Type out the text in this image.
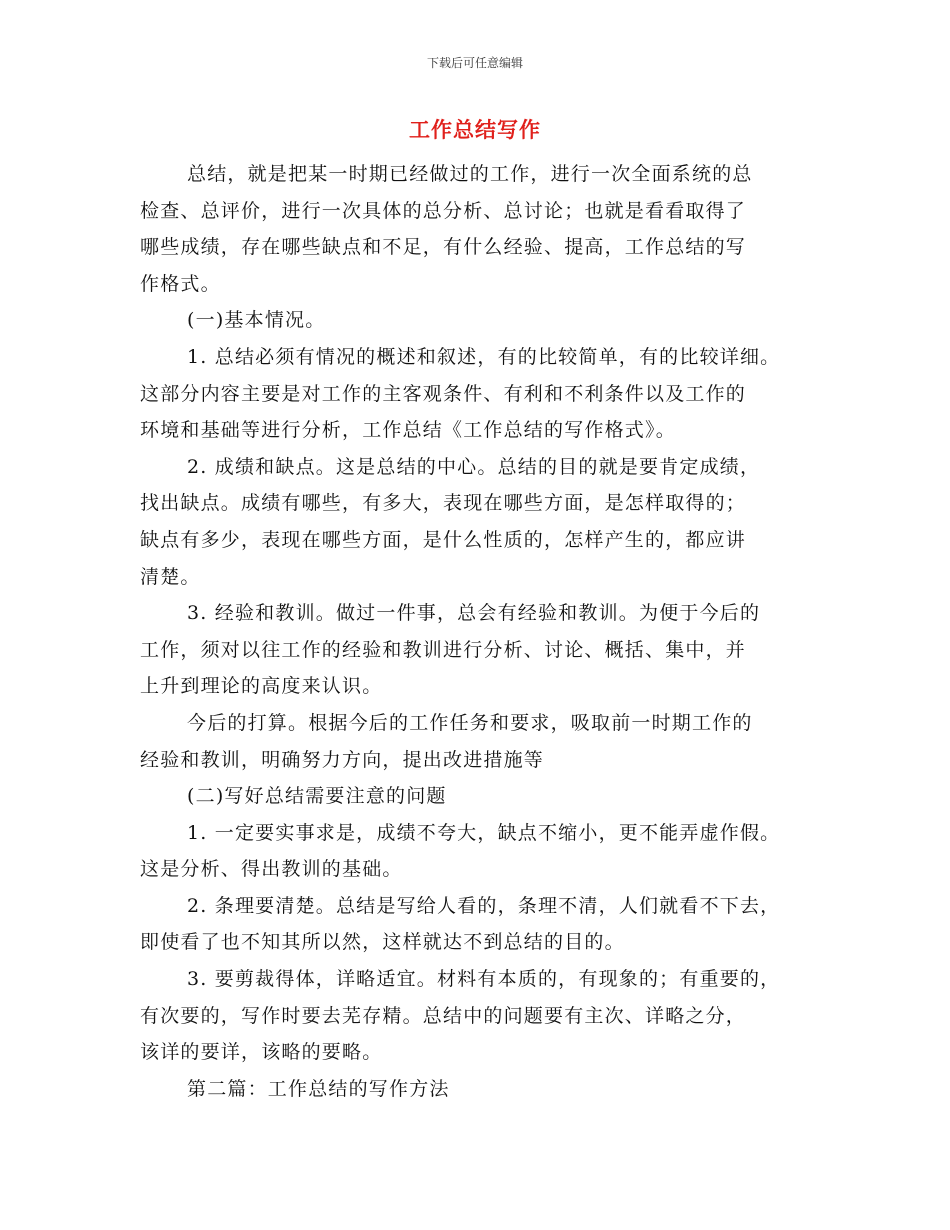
下载后可任意编辑
工作总结写作
总结，就是把某一时期已经做过的工作，进行一次全面系统的总
检查、总评价，进行一次具体的总分析、总讨论；也就是看看取得了
哪些成绩，存在哪些缺点和不足，有什么经验、提高，工作总结的写
作格式。
(一)基本情况。
1. 总结必须有情况的概述和叙述，有的比较简单，有的比较详细。
这部分内容主要是对工作的主客观条件、有利和不利条件以及工作的
环境和基础等进行分析，工作总结《工作总结的写作格式》。
2. 成绩和缺点。这是总结的中心。总结的目的就是要肯定成绩，
找出缺点。成绩有哪些，有多大，表现在哪些方面，是怎样取得的；
缺点有多少，表现在哪些方面，是什么性质的，怎样产生的，都应讲
清楚。
3. 经验和教训。做过一件事，总会有经验和教训。为便于今后的
工作，须对以往工作的经验和教训进行分析、讨论、概括、集中，并
上升到理论的高度来认识。
今后的打算。根据今后的工作任务和要求，吸取前一时期工作的
经验和教训，明确努力方向，提出改进措施等
(二)写好总结需要注意的问题
1. 一定要实事求是，成绩不夸大，缺点不缩小，更不能弄虚作假。
这是分析、得出教训的基础。
2. 条理要清楚。总结是写给人看的，条理不清，人们就看不下去，
即使看了也不知其所以然，这样就达不到总结的目的。
3. 要剪裁得体，详略适宜。材料有本质的，有现象的；有重要的，
有次要的，写作时要去芜存精。总结中的问题要有主次、详略之分，
该详的要详，该略的要略。
第二篇：工作总结的写作方法
